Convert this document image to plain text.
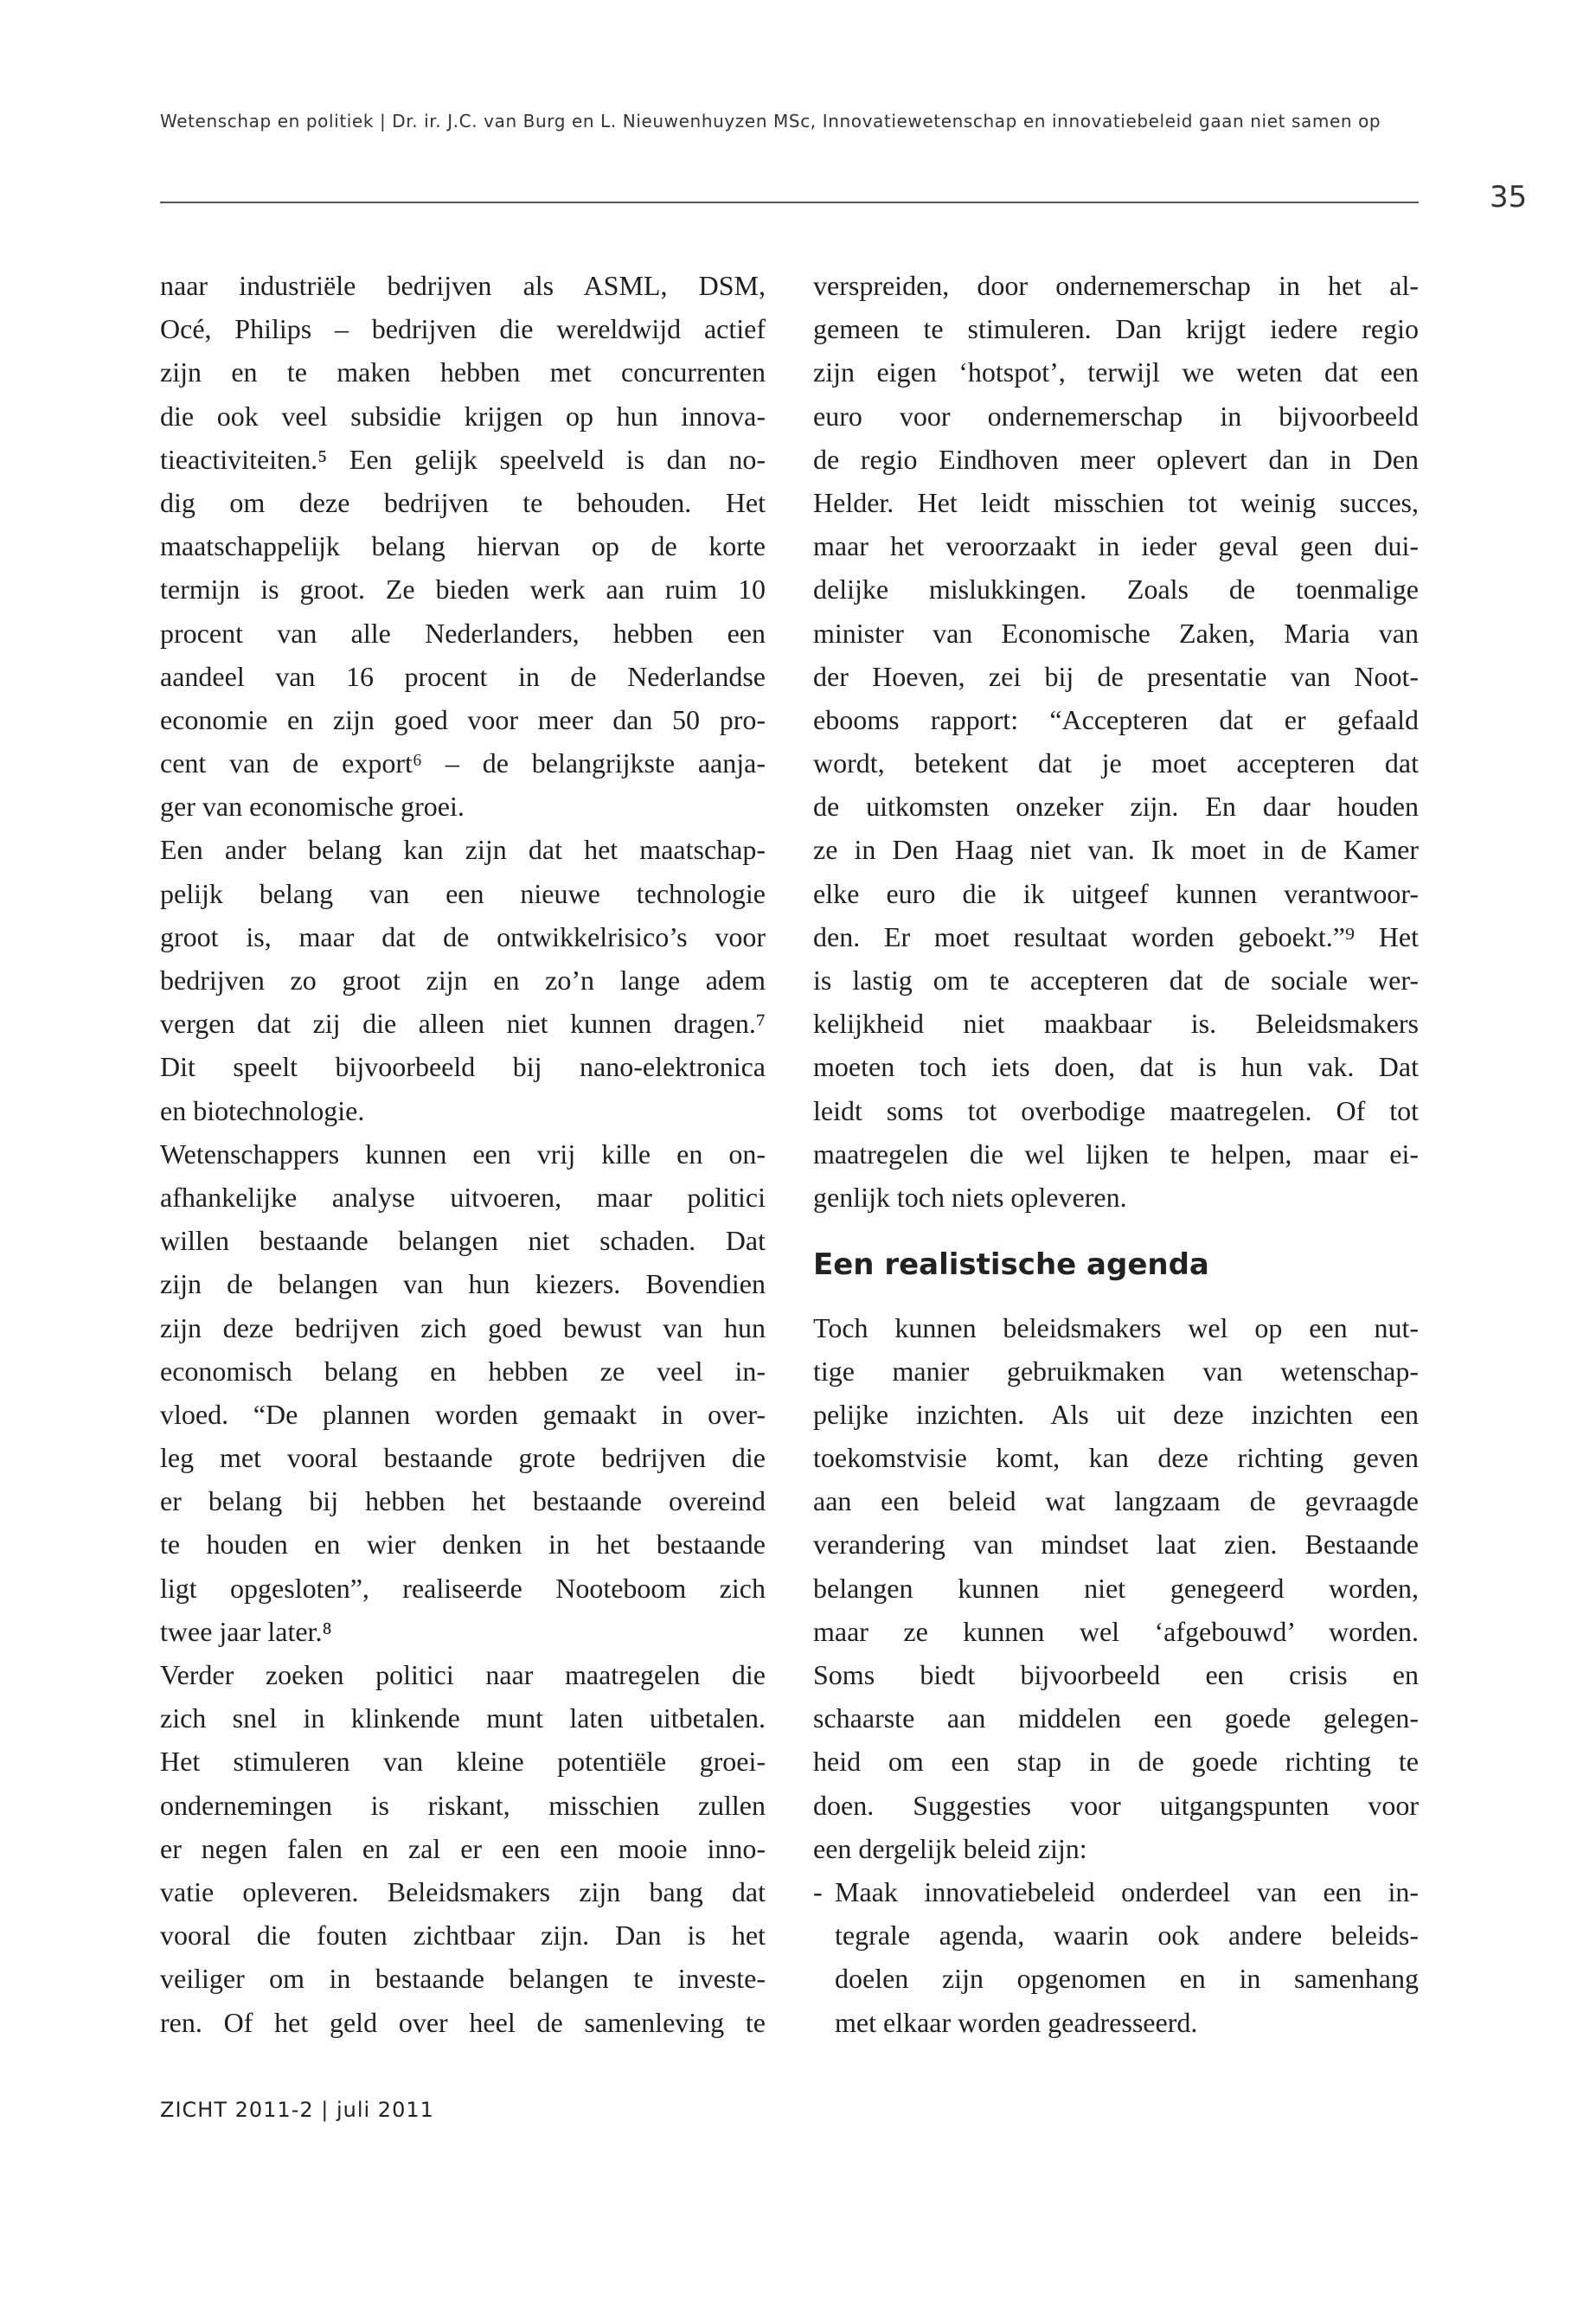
Wetenschap en politiek | Dr. ir. J.C. van Burg en L. Nieuwenhuyzen MSc, Innovatiewetenschap en innovatiebeleid gaan niet samen op
35
naar industriële bedrijven als ASML, DSM,
Océ, Philips – bedrijven die wereldwijd actief
zijn en te maken hebben met concurrenten
die ook veel subsidie krijgen op hun innova-
tieactiviteiten.⁵ Een gelijk speelveld is dan no-
dig om deze bedrijven te behouden. Het
maatschappelijk belang hiervan op de korte
termijn is groot. Ze bieden werk aan ruim 10
procent van alle Nederlanders, hebben een
aandeel van 16 procent in de Nederlandse
economie en zijn goed voor meer dan 50 pro-
cent van de export⁶ – de belangrijkste aanja-
ger van economische groei.
Een ander belang kan zijn dat het maatschap-
pelijk belang van een nieuwe technologie
groot is, maar dat de ontwikkelrisico’s voor
bedrijven zo groot zijn en zo’n lange adem
vergen dat zij die alleen niet kunnen dragen.⁷
Dit speelt bijvoorbeeld bij nano-elektronica
en biotechnologie.
Wetenschappers kunnen een vrij kille en on-
afhankelijke analyse uitvoeren, maar politici
willen bestaande belangen niet schaden. Dat
zijn de belangen van hun kiezers. Bovendien
zijn deze bedrijven zich goed bewust van hun
economisch belang en hebben ze veel in-
vloed. “De plannen worden gemaakt in over-
leg met vooral bestaande grote bedrijven die
er belang bij hebben het bestaande overeind
te houden en wier denken in het bestaande
ligt opgesloten”, realiseerde Nooteboom zich
twee jaar later.⁸
Verder zoeken politici naar maatregelen die
zich snel in klinkende munt laten uitbetalen.
Het stimuleren van kleine potentiële groei-
ondernemingen is riskant, misschien zullen
er negen falen en zal er een een mooie inno-
vatie opleveren. Beleidsmakers zijn bang dat
vooral die fouten zichtbaar zijn. Dan is het
veiliger om in bestaande belangen te investe-
ren. Of het geld over heel de samenleving te
verspreiden, door ondernemerschap in het al-
gemeen te stimuleren. Dan krijgt iedere regio
zijn eigen ‘hotspot’, terwijl we weten dat een
euro voor ondernemerschap in bijvoorbeeld
de regio Eindhoven meer oplevert dan in Den
Helder. Het leidt misschien tot weinig succes,
maar het veroorzaakt in ieder geval geen dui-
delijke mislukkingen. Zoals de toenmalige
minister van Economische Zaken, Maria van
der Hoeven, zei bij de presentatie van Noot-
ebooms rapport: “Accepteren dat er gefaald
wordt, betekent dat je moet accepteren dat
de uitkomsten onzeker zijn. En daar houden
ze in Den Haag niet van. Ik moet in de Kamer
elke euro die ik uitgeef kunnen verantwoor-
den. Er moet resultaat worden geboekt.”⁹ Het
is lastig om te accepteren dat de sociale wer-
kelijkheid niet maakbaar is. Beleidsmakers
moeten toch iets doen, dat is hun vak. Dat
leidt soms tot overbodige maatregelen. Of tot
maatregelen die wel lijken te helpen, maar ei-
genlijk toch niets opleveren.
Een realistische agenda
Toch kunnen beleidsmakers wel op een nut-
tige manier gebruikmaken van wetenschap-
pelijke inzichten. Als uit deze inzichten een
toekomstvisie komt, kan deze richting geven
aan een beleid wat langzaam de gevraagde
verandering van mindset laat zien. Bestaande
belangen kunnen niet genegeerd worden,
maar ze kunnen wel ‘afgebouwd’ worden.
Soms biedt bijvoorbeeld een crisis en
schaarste aan middelen een goede gelegen-
heid om een stap in de goede richting te
doen. Suggesties voor uitgangspunten voor
een dergelijk beleid zijn:
- Maak innovatiebeleid onderdeel van een in-
tegrale agenda, waarin ook andere beleids-
doelen zijn opgenomen en in samenhang
met elkaar worden geadresseerd.
ZICHT 2011-2 | juli 2011
